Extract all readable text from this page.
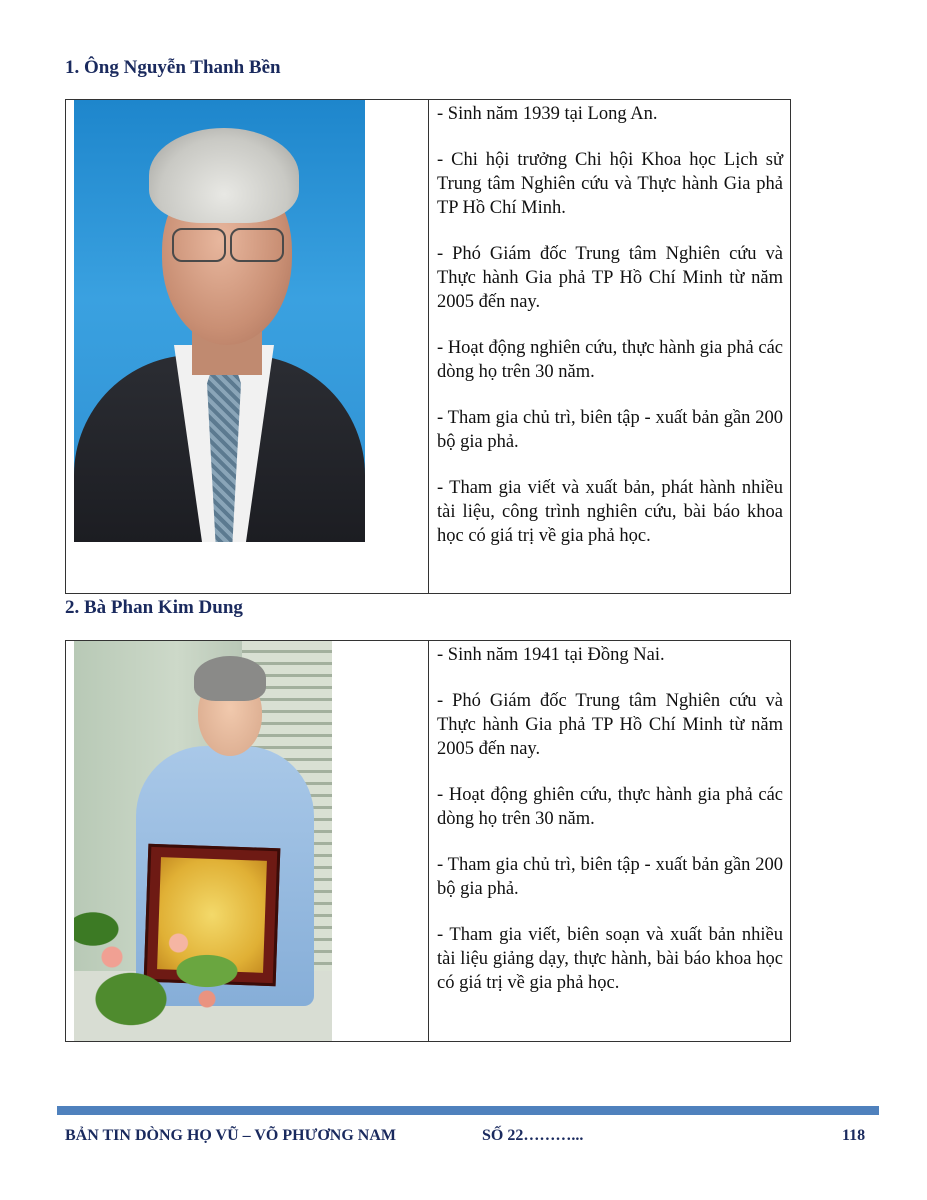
1. Ông Nguyễn Thanh Bền

- Sinh năm 1939 tại Long An.

- Chi hội trưởng Chi hội Khoa học Lịch sử Trung tâm Nghiên cứu và Thực hành Gia phả TP Hồ Chí Minh.

- Phó Giám đốc Trung tâm Nghiên cứu và Thực hành Gia phả TP Hồ Chí Minh từ năm 2005 đến nay.

- Hoạt động nghiên cứu, thực hành gia phả các dòng họ trên 30 năm.

- Tham gia chủ trì, biên tập - xuất bản gần 200 bộ gia phả.

- Tham gia viết và xuất bản, phát hành nhiều tài liệu, công trình nghiên cứu, bài báo khoa học có giá trị về gia phả học.

2. Bà Phan Kim Dung

- Sinh năm 1941 tại Đồng Nai.

- Phó Giám đốc Trung tâm Nghiên cứu và Thực hành Gia phả TP Hồ Chí Minh từ năm 2005 đến nay.

- Hoạt động ghiên cứu, thực hành gia phả các dòng họ trên 30 năm.

- Tham gia chủ trì, biên tập - xuất bản gần 200 bộ gia phả.

- Tham gia viết, biên soạn và xuất bản nhiều tài liệu giảng dạy, thực hành, bài báo khoa học có giá trị về gia phả học.

BẢN TIN DÒNG HỌ VŨ – VÕ PHƯƠNG NAM	SỐ 22………...	118
